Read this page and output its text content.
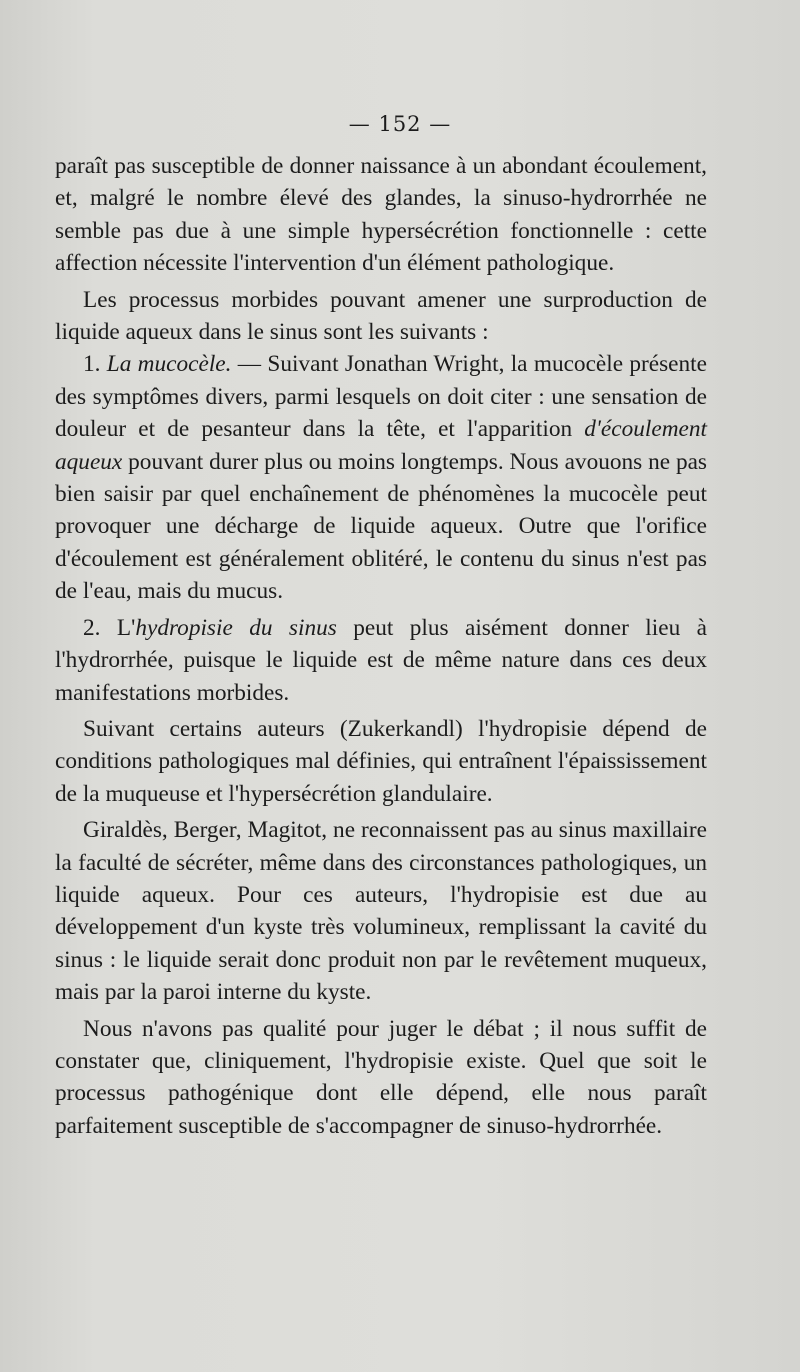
— 152 —

paraît pas susceptible de donner naissance à un abondant écoulement, et, malgré le nombre élevé des glandes, la sinuso-hydrorrhée ne semble pas due à une simple hypersécrétion fonctionnelle : cette affection nécessite l'intervention d'un élément pathologique.

Les processus morbides pouvant amener une surproduction de liquide aqueux dans le sinus sont les suivants :

1. La mucocèle. — Suivant Jonathan Wright, la mucocèle présente des symptômes divers, parmi lesquels on doit citer : une sensation de douleur et de pesanteur dans la tête, et l'apparition d'écoulement aqueux pouvant durer plus ou moins longtemps. Nous avouons ne pas bien saisir par quel enchaînement de phénomènes la mucocèle peut provoquer une décharge de liquide aqueux. Outre que l'orifice d'écoulement est généralement oblitéré, le contenu du sinus n'est pas de l'eau, mais du mucus.

2. L'hydropisie du sinus peut plus aisément donner lieu à l'hydrorrhée, puisque le liquide est de même nature dans ces deux manifestations morbides.

Suivant certains auteurs (Zukerkandl) l'hydropisie dépend de conditions pathologiques mal définies, qui entraînent l'épaississement de la muqueuse et l'hypersécrétion glandulaire.

Giraldès, Berger, Magitot, ne reconnaissent pas au sinus maxillaire la faculté de sécréter, même dans des circonstances pathologiques, un liquide aqueux. Pour ces auteurs, l'hydropisie est due au développement d'un kyste très volumineux, remplissant la cavité du sinus : le liquide serait donc produit non par le revêtement muqueux, mais par la paroi interne du kyste.

Nous n'avons pas qualité pour juger le débat ; il nous suffit de constater que, cliniquement, l'hydropisie existe. Quel que soit le processus pathogénique dont elle dépend, elle nous paraît parfaitement susceptible de s'accompagner de sinuso-hydrorrhée.
